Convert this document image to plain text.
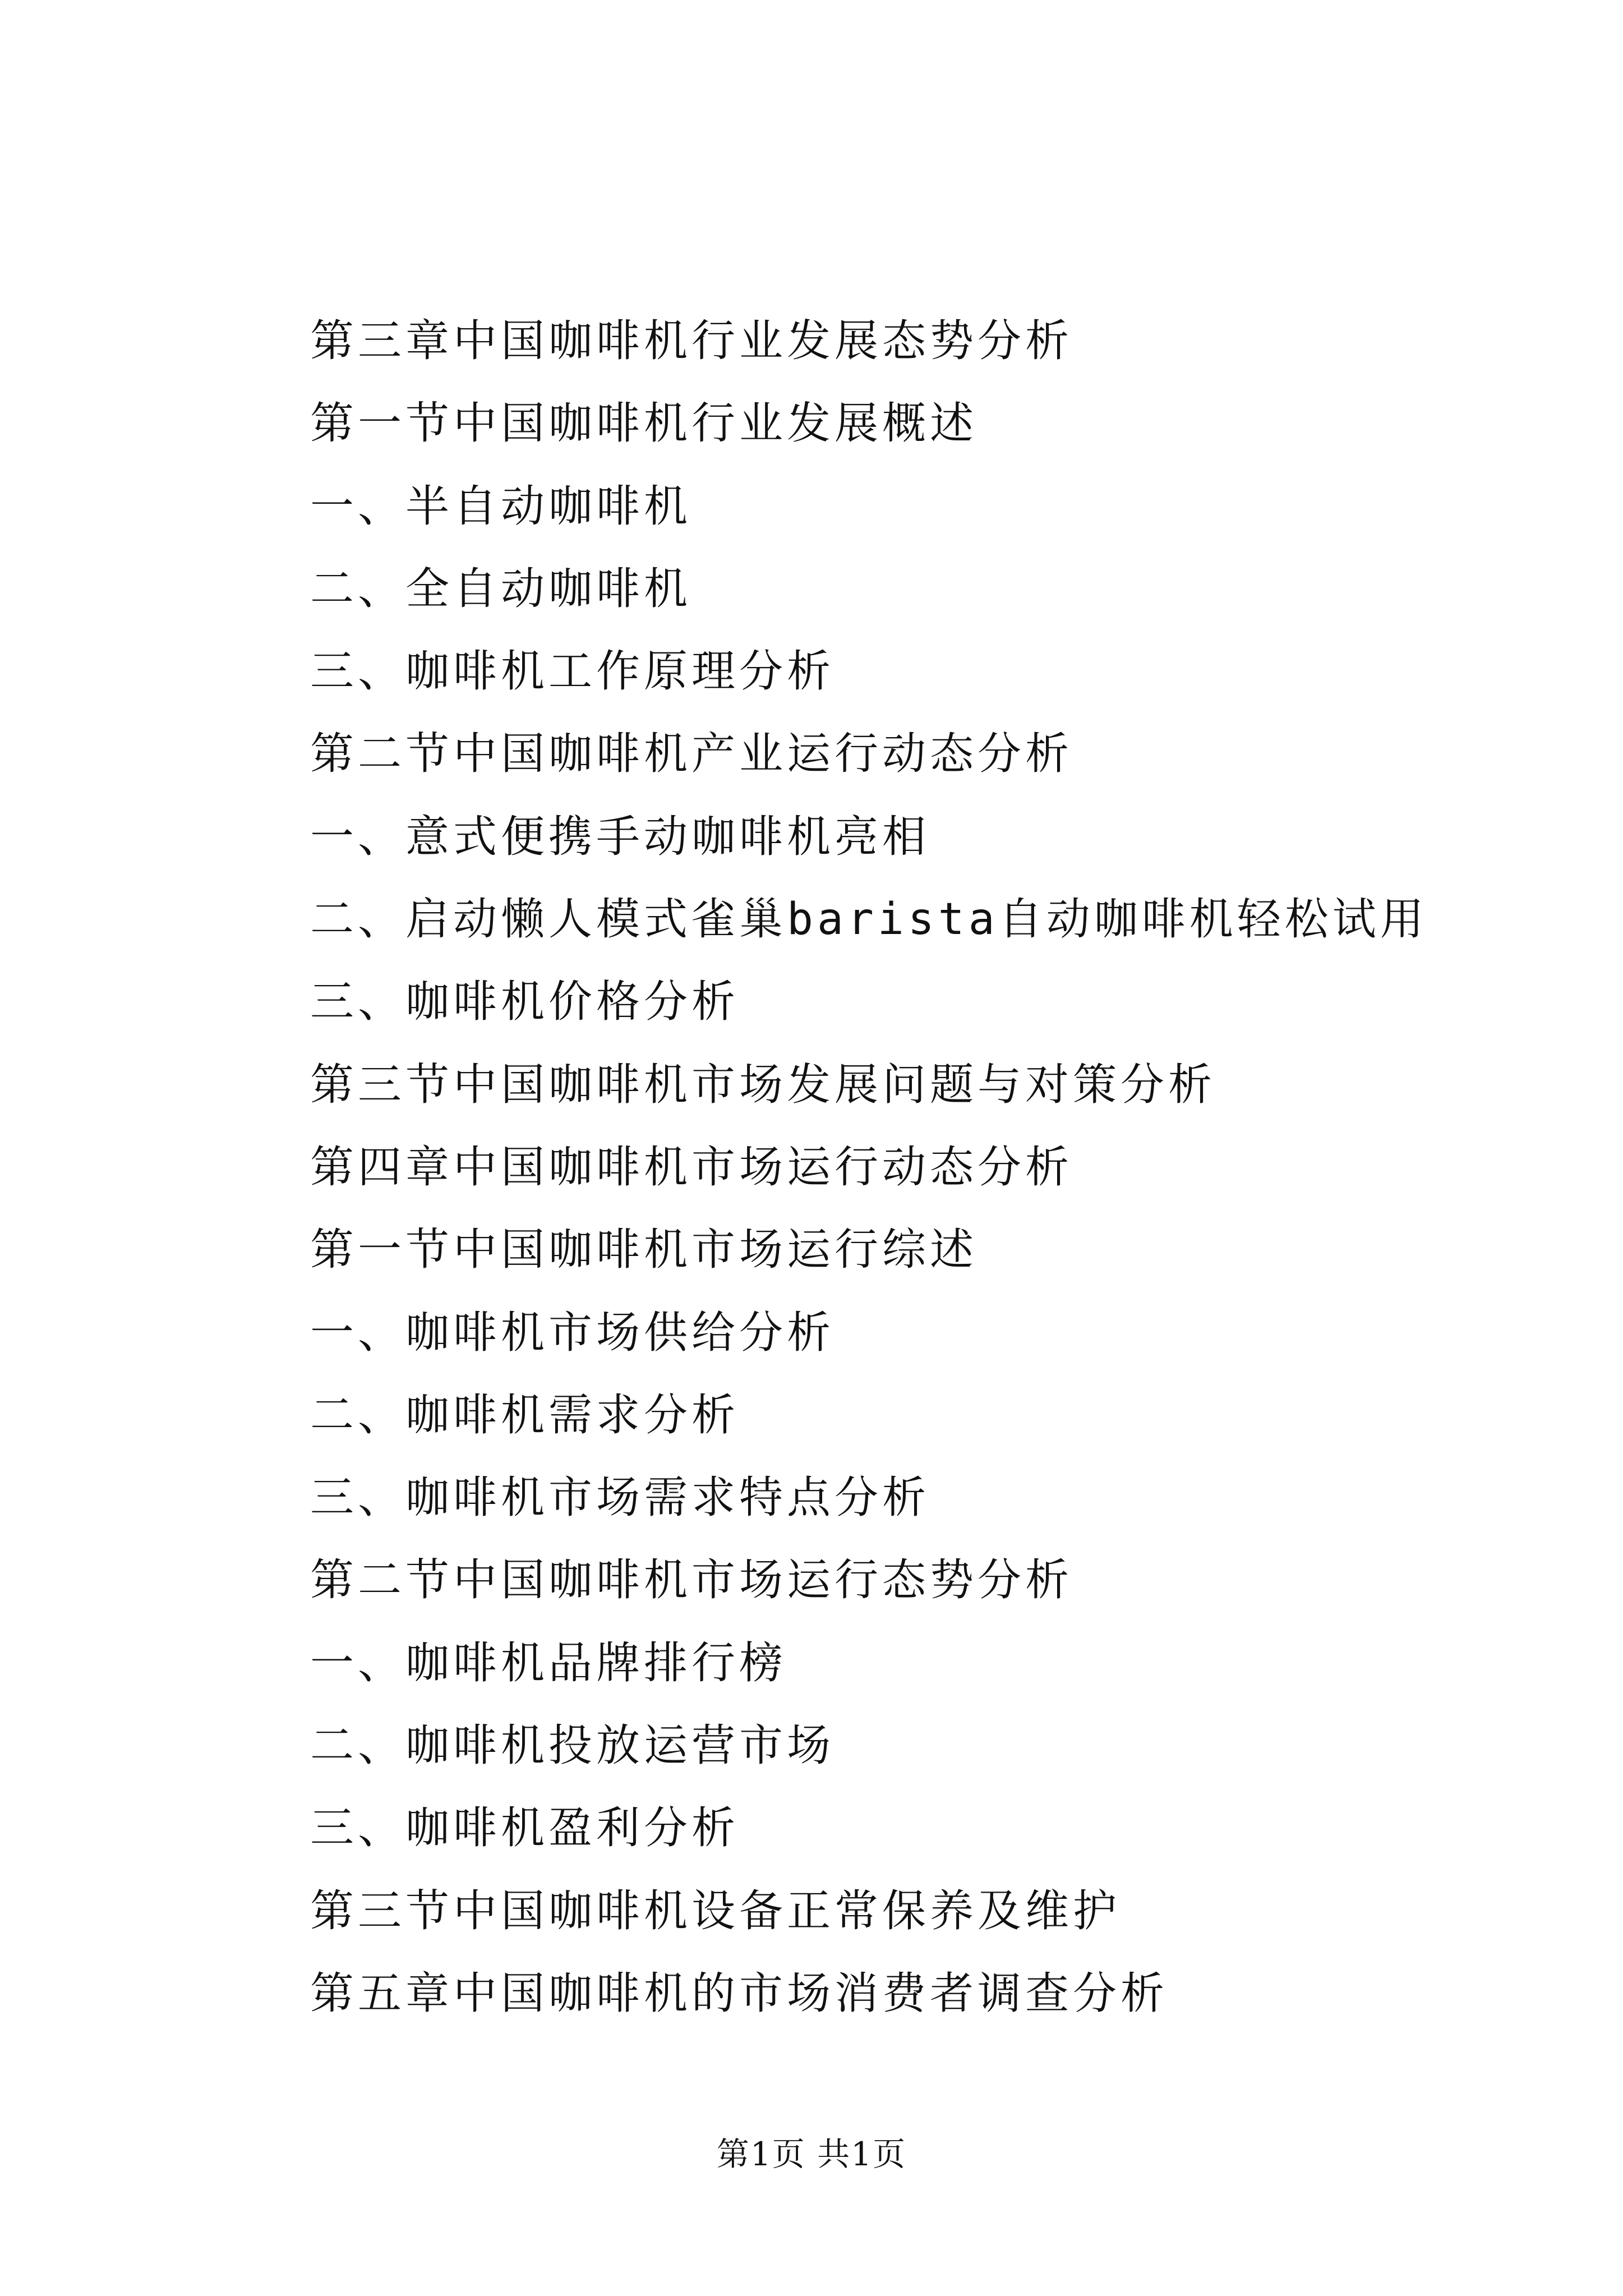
第三章中国咖啡机行业发展态势分析
第一节中国咖啡机行业发展概述
一、半自动咖啡机
二、全自动咖啡机
三、咖啡机工作原理分析
第二节中国咖啡机产业运行动态分析
一、意式便携手动咖啡机亮相
二、启动懒人模式雀巢barista自动咖啡机轻松试用
三、咖啡机价格分析
第三节中国咖啡机市场发展问题与对策分析
第四章中国咖啡机市场运行动态分析
第一节中国咖啡机市场运行综述
一、咖啡机市场供给分析
二、咖啡机需求分析
三、咖啡机市场需求特点分析
第二节中国咖啡机市场运行态势分析
一、咖啡机品牌排行榜
二、咖啡机投放运营市场
三、咖啡机盈利分析
第三节中国咖啡机设备正常保养及维护
第五章中国咖啡机的市场消费者调查分析
第1页 共1页
